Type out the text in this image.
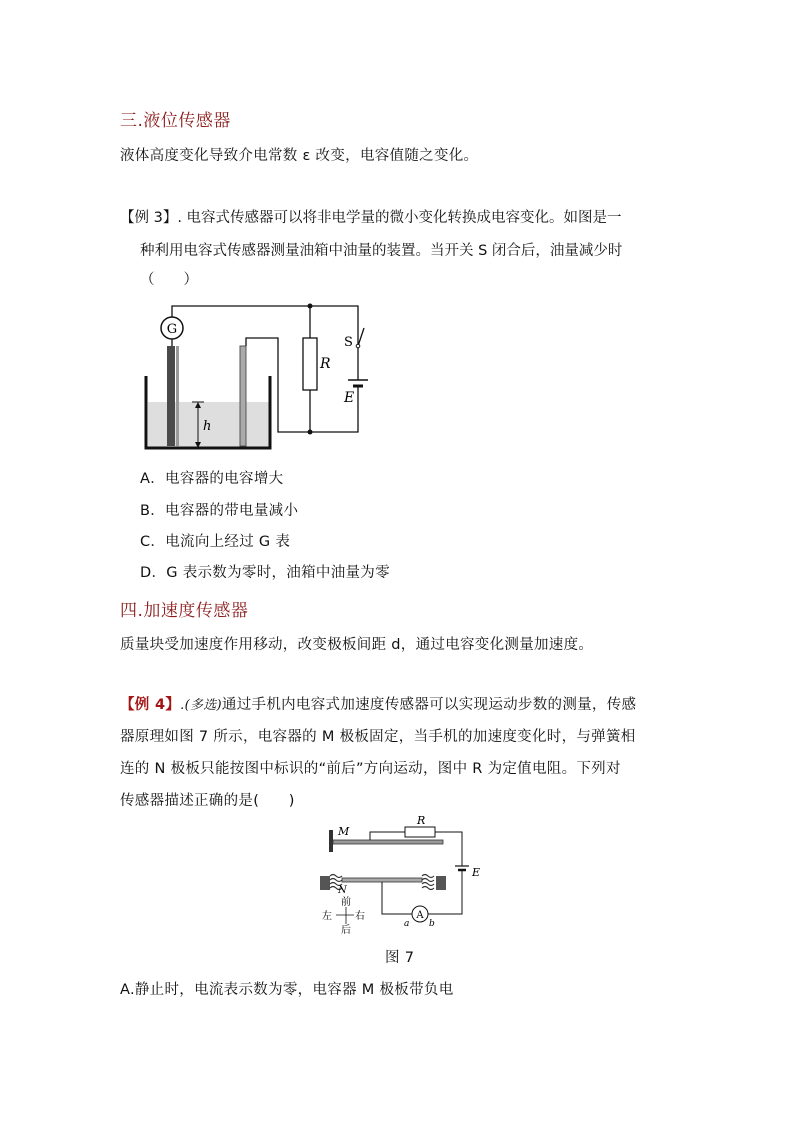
三.液位传感器
液体高度变化导致介电常数 ε 改变，电容值随之变化。
【例 3】. 电容式传感器可以将非电学量的微小变化转换成电容变化。如图是一
种利用电容式传感器测量油箱中油量的装置。当开关 S 闭合后，油量减少时
（　　）
G
R
S
E
h
A．电容器的电容增大
B．电容器的带电量减小
C．电流向上经过 G 表
D．G 表示数为零时，油箱中油量为零
四.加速度传感器
质量块受加速度作用移动，改变极板间距 d，通过电容变化测量加速度。
【例 4】.(多选)通过手机内电容式加速度传感器可以实现运动步数的测量，传感
器原理如图 7 所示，电容器的 M 极板固定，当手机的加速度变化时，与弹簧相
连的 N 极板只能按图中标识的“前后”方向运动，图中 R 为定值电阻。下列对
传感器描述正确的是(　　)
M
R
E
N
前
后
左 右	A
a b
图 7
A.静止时，电流表示数为零，电容器 M 极板带负电
